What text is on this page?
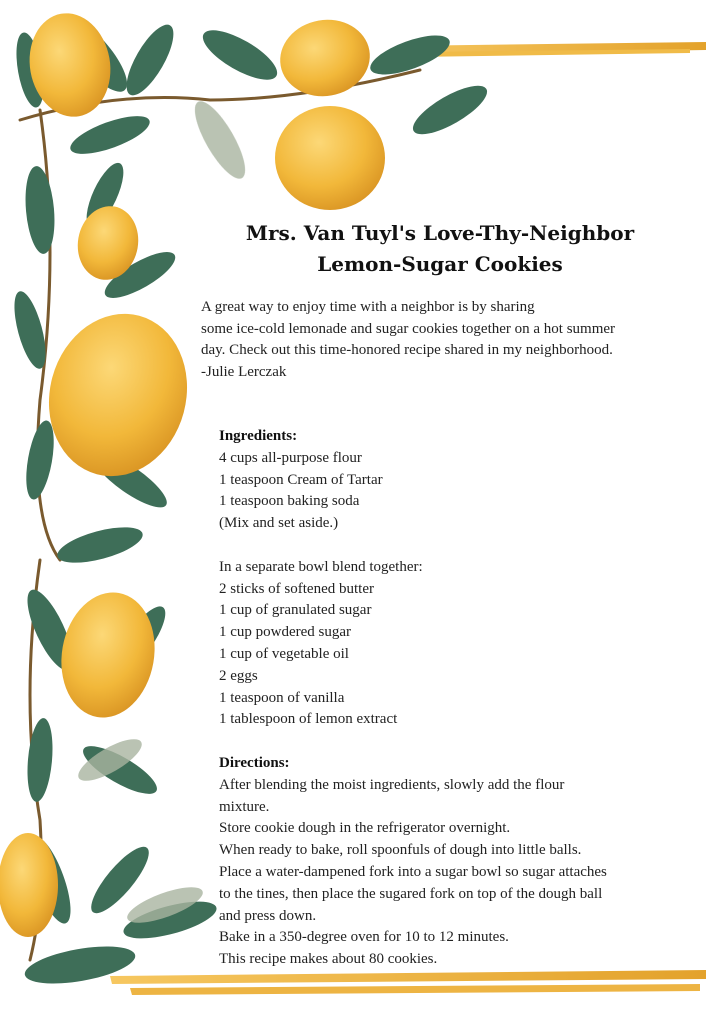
Mrs. Van Tuyl's Love-Thy-Neighbor
Lemon-Sugar Cookies
A great way to enjoy time with a neighbor is by sharing
some ice-cold lemonade and sugar cookies together on a hot summer
day. Check out this time-honored recipe shared in my neighborhood.
-Julie Lerczak
Ingredients:
4 cups all-purpose flour
1 teaspoon Cream of Tartar
1 teaspoon baking soda
(Mix and set aside.)
In a separate bowl blend together:
2 sticks of softened butter
1 cup of granulated sugar
1 cup powdered sugar
1 cup of vegetable oil
2 eggs
1 teaspoon of vanilla
1 tablespoon of lemon extract
Directions:
After blending the moist ingredients, slowly add the flour
mixture.
Store cookie dough in the refrigerator overnight.
When ready to bake, roll spoonfuls of dough into little balls.
Place a water-dampened fork into a sugar bowl so sugar attaches
to the tines, then place the sugared fork on top of the dough ball
and press down.
Bake in a 350-degree oven for 10 to 12 minutes.
This recipe makes about 80 cookies.
